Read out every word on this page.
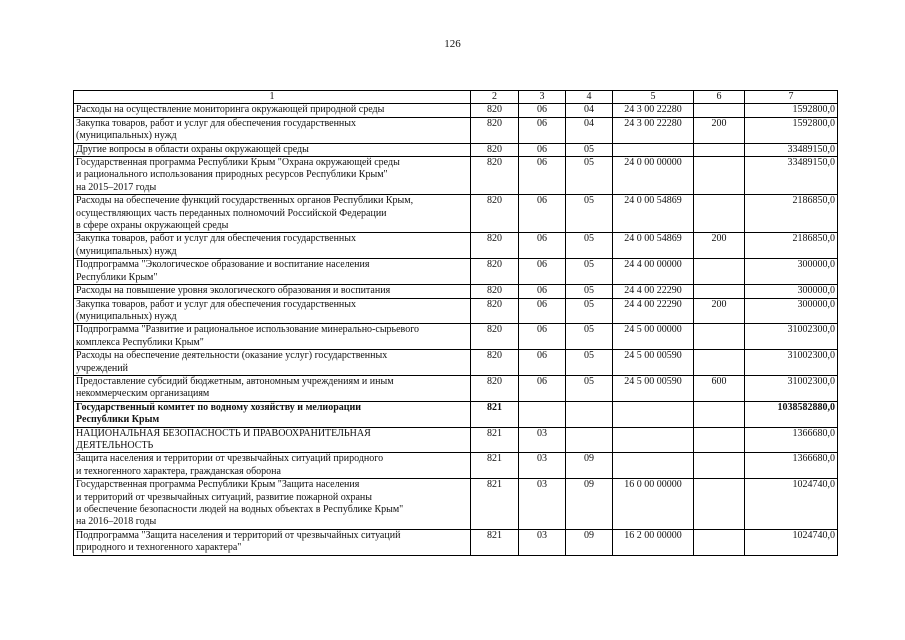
126
1	2	3	4	5	6	7
Расходы на осуществление мониторинга окружающей природной среды	820	06	04	24 3 00 22280		1592800,0
Закупка товаров, работ и услуг для обеспечения государственных
(муниципальных) нужд	820	06	04	24 3 00 22280	200	1592800,0
Другие вопросы в области охраны окружающей среды	820	06	05			33489150,0
Государственная программа Республики Крым "Охрана окружающей среды
и рационального использования природных ресурсов Республики Крым"
на 2015–2017 годы	820	06	05	24 0 00 00000		33489150,0
Расходы на обеспечение функций государственных органов Республики Крым,
осуществляющих часть переданных полномочий Российской Федерации
в сфере охраны окружающей среды	820	06	05	24 0 00 54869		2186850,0
Закупка товаров, работ и услуг для обеспечения государственных
(муниципальных) нужд	820	06	05	24 0 00 54869	200	2186850,0
Подпрограмма "Экологическое образование и воспитание населения
Республики Крым"	820	06	05	24 4 00 00000		300000,0
Расходы на повышение уровня экологического образования и воспитания	820	06	05	24 4 00 22290		300000,0
Закупка товаров, работ и услуг для обеспечения государственных
(муниципальных) нужд	820	06	05	24 4 00 22290	200	300000,0
Подпрограмма "Развитие и рациональное использование минерально-сырьевого
комплекса Республики Крым"	820	06	05	24 5 00 00000		31002300,0
Расходы на обеспечение деятельности (оказание услуг) государственных
учреждений	820	06	05	24 5 00 00590		31002300,0
Предоставление субсидий бюджетным, автономным учреждениям и иным
некоммерческим организациям	820	06	05	24 5 00 00590	600	31002300,0
Государственный комитет по водному хозяйству и мелиорации
Республики Крым	821					1038582880,0
НАЦИОНАЛЬНАЯ БЕЗОПАСНОСТЬ И ПРАВООХРАНИТЕЛЬНАЯ
ДЕЯТЕЛЬНОСТЬ	821	03				1366680,0
Защита населения и территории от чрезвычайных ситуаций природного
и техногенного характера, гражданская оборона	821	03	09			1366680,0
Государственная программа Республики Крым "Защита населения
и территорий от чрезвычайных ситуаций, развитие пожарной охраны
и обеспечение безопасности людей на водных объектах в Республике Крым"
на 2016–2018 годы	821	03	09	16 0 00 00000		1024740,0
Подпрограмма "Защита населения и территорий от чрезвычайных ситуаций
природного и техногенного характера"	821	03	09	16 2 00 00000		1024740,0
